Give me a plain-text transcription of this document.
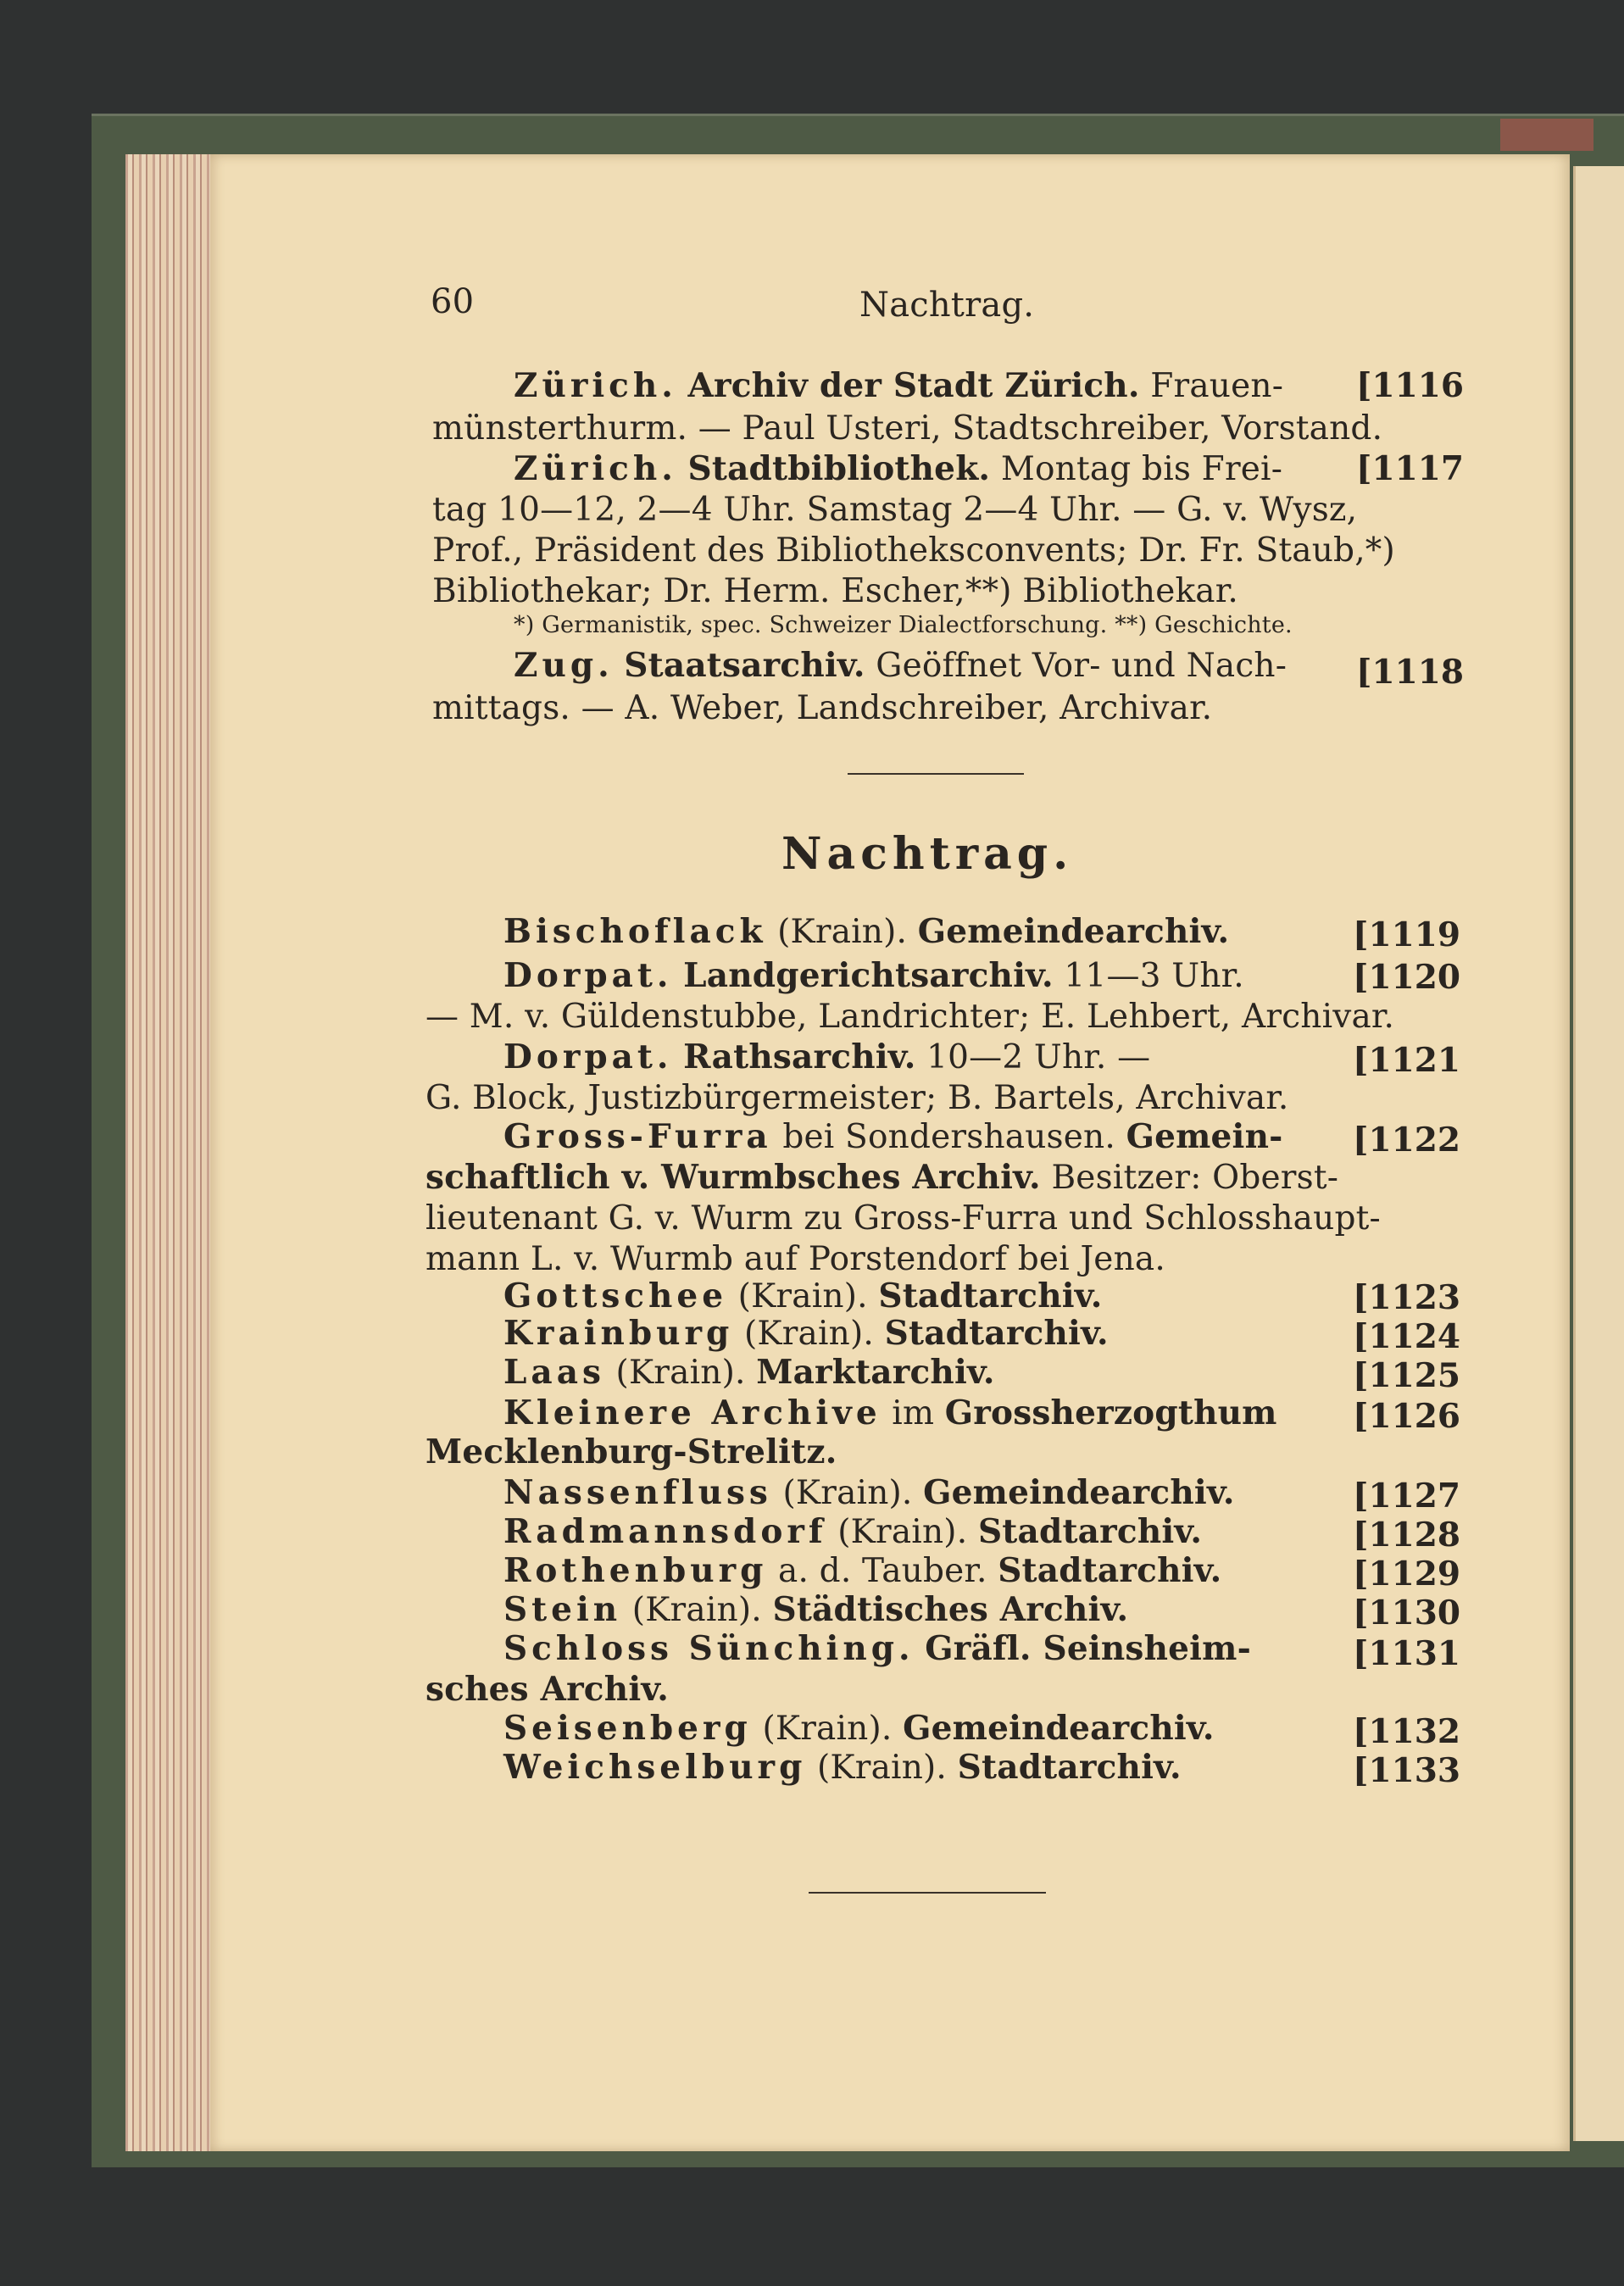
60	Nachtrag.
Zürich. Archiv der Stadt Zürich. Frauen- [1116
münsterthurm. — Paul Usteri, Stadtschreiber, Vorstand.
Zürich. Stadtbibliothek. Montag bis Frei- [1117
tag 10—12, 2—4 Uhr. Samstag 2—4 Uhr. — G. v. Wysz,
Prof., Präsident des Bibliotheksconvents; Dr. Fr. Staub,*)
Bibliothekar; Dr. Herm. Escher,**) Bibliothekar.
*) Germanistik, spec. Schweizer Dialectforschung. **) Geschichte.
Zug. Staatsarchiv. Geöffnet Vor- und Nach- [1118
mittags. — A. Weber, Landschreiber, Archivar.
Nachtrag.
Bischoflack (Krain). Gemeindearchiv.	[1119
Dorpat. Landgerichtsarchiv. 11—3 Uhr.	[1120
— M. v. Güldenstubbe, Landrichter; E. Lehbert, Archivar.
Dorpat. Rathsarchiv. 10—2 Uhr. —	[1121
G. Block, Justizbürgermeister; B. Bartels, Archivar.
Gross-Furra bei Sondershausen. Gemein- [1122
schaftlich v. Wurmbsches Archiv. Besitzer: Oberst-
lieutenant G. v. Wurm zu Gross-Furra und Schlosshaupt-
mann L. v. Wurmb auf Porstendorf bei Jena.
Gottschee (Krain). Stadtarchiv.	[1123
Krainburg (Krain). Stadtarchiv.	[1124
Laas (Krain). Marktarchiv.	[1125
Kleinere Archive im Grossherzogthum [1126
Mecklenburg-Strelitz.
Nassenfluss (Krain). Gemeindearchiv.	[1127
Radmannsdorf (Krain). Stadtarchiv.	[1128
Rothenburg a. d. Tauber. Stadtarchiv.	[1129
Stein (Krain). Städtisches Archiv.	[1130
Schloss Sünching. Gräfl. Seinsheim-	[1131
sches Archiv.
Seisenberg (Krain). Gemeindearchiv.	[1132
Weichselburg (Krain). Stadtarchiv.	[1133
